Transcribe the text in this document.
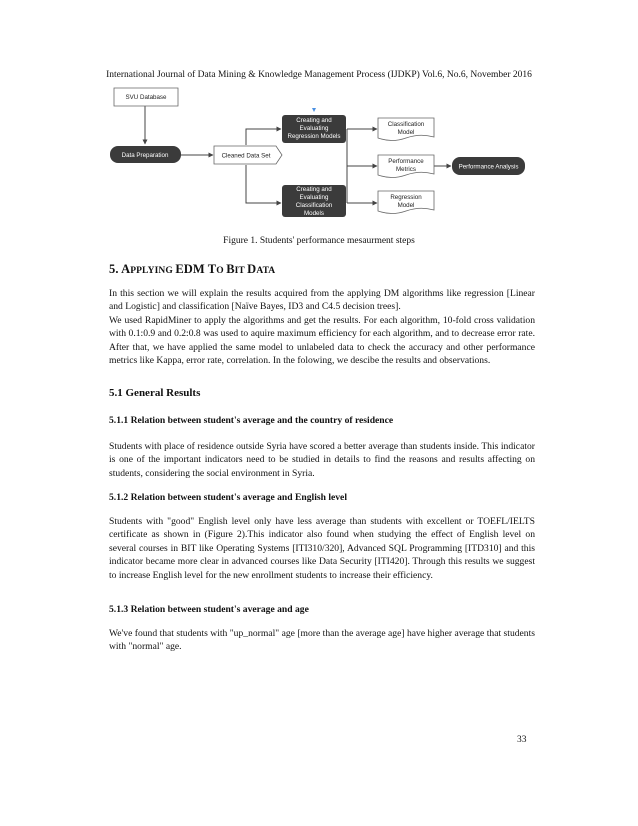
International Journal of Data Mining & Knowledge Management Process (IJDKP) Vol.6, No.6, November 2016
SVU Database
Data Preparation	Cleaned Data Set
Creating and
Evaluating
Regression Models
Creating and
Evaluating
Classification
Models
Classification
Model
Performance
Metrics
Regression
Model
Performance Analysis
Figure 1. Students' performance mesaurment steps
5. APPLYING EDM TO BIT DATA
In this section we will explain the results acquired from the applying DM algorithms like regression [Linear and Logistic] and classification [Naïve Bayes, ID3 and C4.5 decision trees].
We used RapidMiner to apply the algorithms and get the results. For each algorithm, 10-fold cross validation with 0.1:0.9 and 0.2:0.8 was used to aquire maximum efficiency for each algorithm, and to decrease error rate. After that, we have applied the same model to unlabeled data to check the accuracy and other performance metrics like Kappa, error rate, correlation. In the folowing, we descibe the results and observations.
5.1 General Results
5.1.1 Relation between student's average and the country of residence
Students with place of residence outside Syria have scored a better average than students inside. This indicator is one of the important indicators need to be studied in details to find the reasons and results affecting on students, considering the social environment in Syria.
5.1.2 Relation between student's average and English level
Students with "good" English level only have less average than students with excellent or TOEFL/IELTS certificate as shown in (Figure 2).This indicator also found when studying the effect of English level on several courses in BIT like Operating Systems [ITI310/320], Advanced SQL Programming [ITD310] and this indicator became more clear in advanced courses like Data Security [ITI420]. Through this results we suggest to increase English level for the new enrollment students to increase their efficiency.
5.1.3 Relation between student's average and age
We've found that students with "up_normal" age [more than the average age] have higher average that students with "normal" age.
33
